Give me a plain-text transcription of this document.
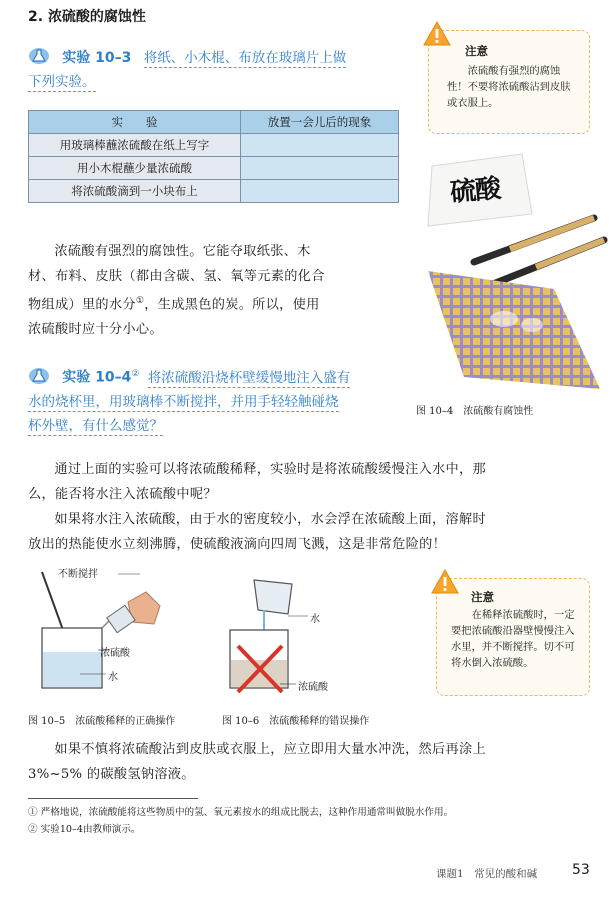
2. 浓硫酸的腐蚀性
实验 10–3 将纸、小木棍、布放在玻璃片上做
下列实验。
实　　验	放置一会儿后的现象
用玻璃棒蘸浓硫酸在纸上写字	
用小木棍蘸少量浓硫酸	
将浓硫酸滴到一小块布上	
浓硫酸有强烈的腐蚀性。它能夺取纸张、木
材、布料、皮肤（都由含碳、氢、氧等元素的化合
物组成）里的水分①，生成黑色的炭。所以，使用
浓硫酸时应十分小心。
实验 10–4② 将浓硫酸沿烧杯壁缓慢地注入盛有
水的烧杯里，用玻璃棒不断搅拌，并用手轻轻触碰烧
杯外壁，有什么感觉？
注意
浓硫酸有强烈的腐蚀性！不要将浓硫酸沾到皮肤或衣服上。
硫酸
图 10–4　浓硫酸有腐蚀性
通过上面的实验可以将浓硫酸稀释，实验时是将浓硫酸缓慢注入水中，那
么，能否将水注入浓硫酸中呢？
如果将水注入浓硫酸，由于水的密度较小，水会浮在浓硫酸上面，溶解时
放出的热能使水立刻沸腾，使硫酸液滴向四周飞溅，这是非常危险的！
不断搅拌
浓硫酸
水
图 10–5　浓硫酸稀释的正确操作
水
浓硫酸
图 10–6　浓硫酸稀释的错误操作
注意
在稀释浓硫酸时，一定要把浓硫酸沿器壁慢慢注入水里，并不断搅拌。切不可将水倒入浓硫酸。
如果不慎将浓硫酸沾到皮肤或衣服上，应立即用大量水冲洗，然后再涂上
3%~5% 的碳酸氢钠溶液。
① 严格地说，浓硫酸能将这些物质中的氢、氧元素按水的组成比脱去，这种作用通常叫做脱水作用。
② 实验10–4由教师演示。
课题1　常见的酸和碱 53
